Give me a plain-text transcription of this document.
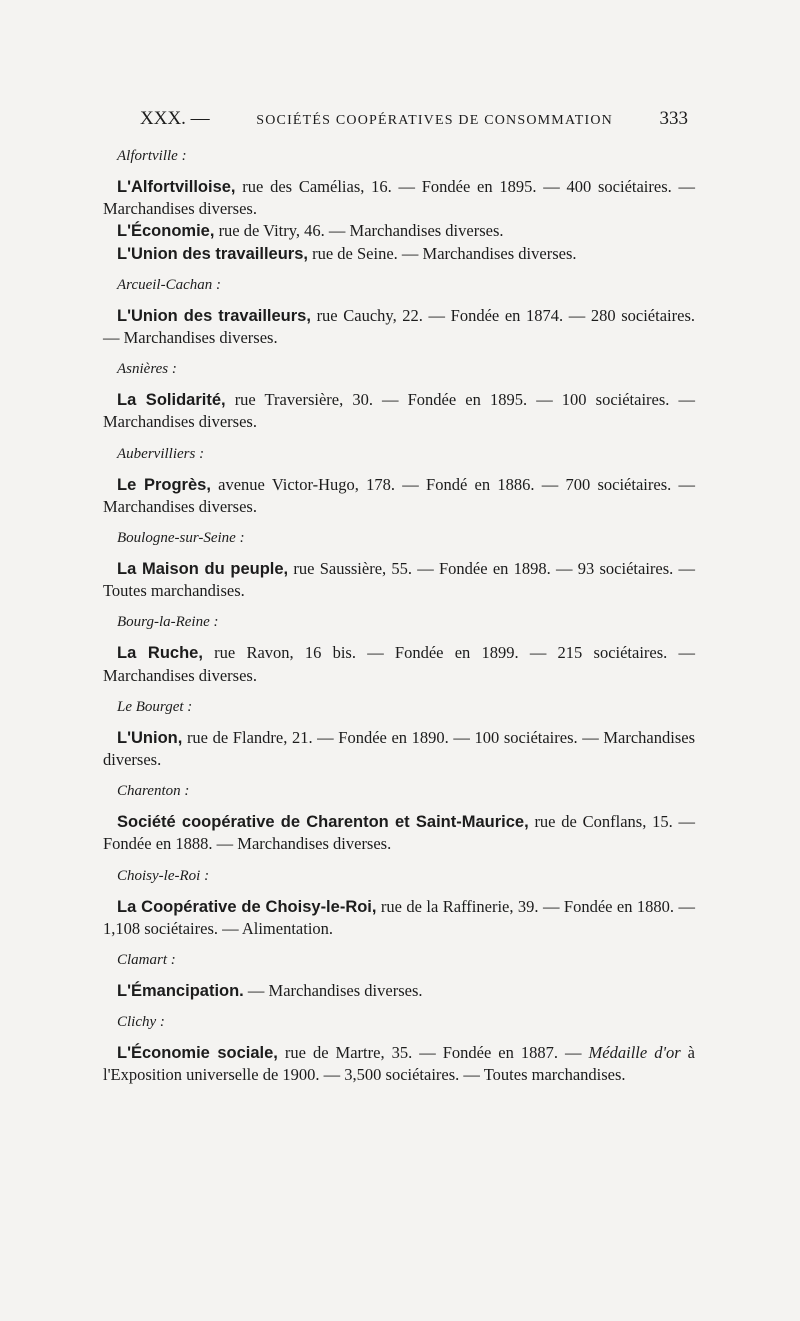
XXX. —	SOCIÉTÉS COOPÉRATIVES DE CONSOMMATION 333
Alfortville :

L'Alfortvilloise, rue des Camélias, 16. — Fondée en 1895. — 400 sociétaires. — Marchandises diverses.

L'Économie, rue de Vitry, 46. — Marchandises diverses.

L'Union des travailleurs, rue de Seine. — Marchandises diverses.

Arcueil-Cachan :

L'Union des travailleurs, rue Cauchy, 22. — Fondée en 1874. — 280 sociétaires. — Marchandises diverses.

Asnières :

La Solidarité, rue Traversière, 30. — Fondée en 1895. — 100 sociétaires. — Marchandises diverses.

Aubervilliers :

Le Progrès, avenue Victor-Hugo, 178. — Fondé en 1886. — 700 sociétaires. — Marchandises diverses.

Boulogne-sur-Seine :

La Maison du peuple, rue Saussière, 55. — Fondée en 1898. — 93 sociétaires. — Toutes marchandises.

Bourg-la-Reine :

La Ruche, rue Ravon, 16 bis. — Fondée en 1899. — 215 sociétaires. — Marchandises diverses.

Le Bourget :

L'Union, rue de Flandre, 21. — Fondée en 1890. — 100 sociétaires. — Marchandises diverses.

Charenton :

Société coopérative de Charenton et Saint-Maurice, rue de Conflans, 15. — Fondée en 1888. — Marchandises diverses.

Choisy-le-Roi :

La Coopérative de Choisy-le-Roi, rue de la Raffinerie, 39. — Fondée en 1880. — 1,108 sociétaires. — Alimentation.

Clamart :

L'Émancipation. — Marchandises diverses.

Clichy :

L'Économie sociale, rue de Martre, 35. — Fondée en 1887. — Médaille d'or à l'Exposition universelle de 1900. — 3,500 sociétaires. — Toutes marchandises.
